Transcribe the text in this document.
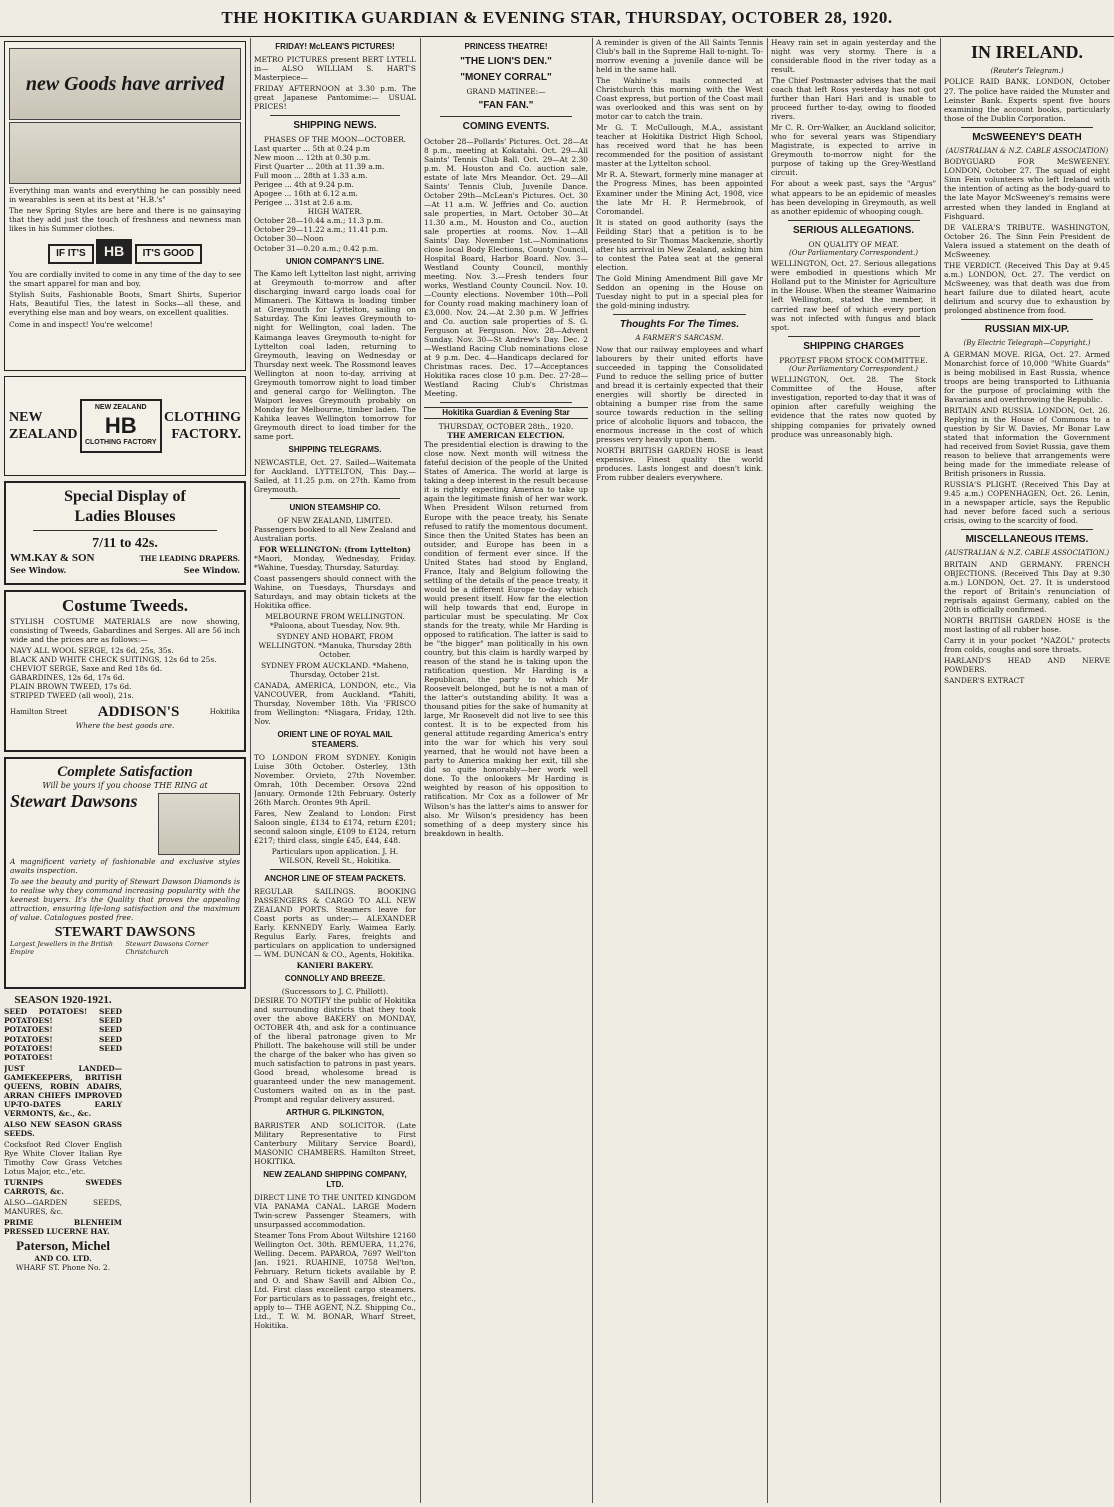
THE HOKITIKA GUARDIAN & EVENING STAR, THURSDAY, OCTOBER 28, 1920.
new Goods have arrived

Everything man wants and everything he can possibly need in wearables is seen at its best at "H.B.'s"

The new Spring Styles are here and there is no gainsaying that they add just the touch of freshness and newness man likes in his Summer clothes.

IF IT'S HB IT'S GOOD

You are cordially invited to come in any time of the day to see the smart apparel for man and boy.

Stylish Suits, Fashionable Boots, Smart Shirts, Superior Hats, Beautiful Ties, the latest in Socks—all these, and everything else man and boy wears, on excellent qualities.

Come in and inspect! You're welcome!

NEW
ZEALAND
NEW ZEALAND
HB
CLOTHING FACTORY
CLOTHING
FACTORY.
Special Display of
Ladies Blouses
7/11 to 42s.
WM.KAY & SON	THE LEADING DRAPERS.
See Window.	See Window.
Costume Tweeds.

STYLISH COSTUME MATERIALS are now showing, consisting of Tweeds, Gabardines and Serges. All are 56 inch wide and the prices are as follows:—

NAVY ALL WOOL SERGE, 12s 6d, 25s, 35s.
BLACK AND WHITE CHECK SUITINGS, 12s 6d to 25s.
CHEVIOT SERGE, Saxe and Red 18s 6d.
GABARDINES, 12s 6d, 17s 6d.
PLAIN BROWN TWEED, 17s 6d.
STRIPED TWEED (all wool), 21s.
Hamilton Street ADDISON'S	Hokitika
Where the best goods are.
Complete Satisfaction
Will be yours if you choose THE RING at
Stewart Dawsons

A magnificent variety of fashionable and exclusive styles awaits inspection.

To see the beauty and purity of Stewart Dawson Diamonds is to realise why they command increasing popularity with the keenest buyers. It's the Quality that proves the appealing attraction, ensuring life-long satisfaction and the maximum of value. Catalogues posted free.

STEWART DAWSONS
Largest Jewellers in the British Empire
Stewart Dawsons Corner Christchurch
SEASON 1920-1921.

SEED POTATOES! SEED POTATOES! SEED POTATOES! SEED POTATOES! SEED POTATOES! SEED POTATOES!

JUST LANDED— GAMEKEEPERS, BRITISH QUEENS, ROBIN ADAIRS, ARRAN CHIEFS IMPROVED UP-TO-DATES EARLY VERMONTS, &c., &c.

ALSO NEW SEASON GRASS SEEDS.

Cocksfoot Red Clover English Rye White Clover Italian Rye Timothy Cow Grass Vetches Lotus Major, etc.,'etc.

TURNIPS SWEDES CARROTS, &c.

ALSO—GARDEN SEEDS, MANURES, &c.

PRIME BLENHEIM PRESSED LUCERNE HAY.

Paterson, Michel
AND CO. LTD.
WHARF ST. Phone No. 2.
FRIDAY! McLEAN'S PICTURES!

METRO PICTURES present BERT LYTELL in— ALSO WILLIAM S. HART'S Masterpiece—

FRIDAY AFTERNOON at 3.30 p.m. The great Japanese Pantomime:— USUAL PRICES!

SHIPPING NEWS.
PHASES OF THE MOON—OCTOBER.
Last quarter ... 5th at 0.24 p.m
New moon ... 12th at 0.30 p.m.
First Quarter ... 20th at 11.39 a.m.
Full moon ... 28th at 1.33 a.m.
Perigee ... 4th at 9.24 p.m.
Apogee ... 16th at 6.12 a.m.
Perigee ... 31st at 2.6 a.m.
HIGH WATER.
October 28—10.44 a.m.; 11.3 p.m.
October 29—11.22 a.m.; 11.41 p.m.
October 30—Noon
October 31—0.20 a.m.; 0.42 p.m.
UNION COMPANY'S LINE.

The Kamo left Lyttelton last night, arriving at Greymouth to-morrow and after discharging inward cargo loads coal for Mimaneri. The Kittawa is loading timber at Greymouth for Lyttelton, sailing on Saturday. The Kini leaves Greymouth to-night for Wellington, coal laden. The Kaimanga leaves Greymouth to-night for Lyttelton coal laden, returning to Greymouth, leaving on Wednesday or Thursday next week. The Rossmond leaves Wellington at noon to-day, arriving at Greymouth tomorrow night to load timber and general cargo for Wellington. The Waipori leaves Greymouth probably on Monday for Melbourne, timber laden. The Kahika leaves Wellington tomorrow for Greymouth direct to load timber for the same port.

SHIPPING TELEGRAMS.

NEWCASTLE, Oct. 27. Sailed—Waitemata for Auckland. LYTTELTON, This Day.—Sailed, at 11.25 p.m. on 27th. Kamo from Greymouth.

UNION STEAMSHIP CO.
OF NEW ZEALAND, LIMITED.

Passengers booked to all New Zealand and Australian ports.

FOR WELLINGTON: (from Lyttelton)

*Maori, Monday, Wednesday, Friday. *Wahine, Tuesday, Thursday, Saturday.

Coast passengers should connect with the Wahine, on Tuesdays, Thursdays and Saturdays, and may obtain tickets at the Hokitika office.

MELBOURNE FROM WELLINGTON. *Paloona, about Tuesday, Nov. 9th.

SYDNEY AND HOBART, FROM WELLINGTON. *Manuka, Thursday 28th October.

SYDNEY FROM AUCKLAND. *Maheno, Thursday, October 21st.

CANADA, AMERICA, LONDON, etc., Via VANCOUVER, from Auckland. *Tahiti, Thursday, November 18th. Via 'FRISCO from Wellington: *Niagara, Friday, 12th. Nov.

ORIENT LINE OF ROYAL MAIL STEAMERS.

TO LONDON FROM SYDNEY. Konigin Luise 30th October. Osterley, 13th November. Orvieto, 27th November. Omrah, 10th December. Orsova 22nd January. Ormonde 12th February. Osterly 26th March. Orontes 9th April.

Fares, New Zealand to London: First Saloon single, £134 to £174, return £201; second saloon single, £109 to £124, return £217; third class, single £45, £44, £48.

Particulars upon application. J. H. WILSON, Revell St., Hokitika.

ANCHOR LINE OF STEAM PACKETS.

REGULAR SAILINGS. BOOKING PASSENGERS & CARGO TO ALL NEW ZEALAND PORTS. Steamers leave for Coast ports as under:— ALEXANDER Early. KENNEDY Early. Waimea Early. Regulus Early. Fares, freights and particulars on application to undersigned— WM. DUNCAN & CO., Agents, Hokitika.

KANIERI BAKERY.
CONNOLLY AND BREEZE.
(Successors to J. C. Phillott).

DESIRE TO NOTIFY the public of Hokitika and surrounding districts that they took over the above BAKERY on MONDAY, OCTOBER 4th, and ask for a continuance of the liberal patronage given to Mr Phillott. The bakehouse will still be under the charge of the baker who has given so much satisfaction to patrons in past years. Good bread, wholesome bread is guaranteed under the new management. Customers waited on as in the past. Prompt and regular delivery assured.

ARTHUR G. PILKINGTON,

BARRISTER AND SOLICITOR. (Late Military Representative to First Canterbury Military Service Board), MASONIC CHAMBERS. Hamilton Street, HOKITIKA.

NEW ZEALAND SHIPPING COMPANY, LTD.

DIRECT LINE TO THE UNITED KINGDOM VIA PANAMA CANAL. LARGE Modern Twin-screw Passenger Steamers, with unsurpassed accommodation.

Steamer Tons From About Wiltshire 12160 Wellington Oct. 30th. REMUERA, 11,276, Welling. Decem. PAPAROA, 7697 Well'ton Jan. 1921. RUAHINE, 10758 Wel'ton, February. Return tickets available by P. and O. and Shaw Savill and Albion Co., Ltd. First class excellent cargo steamers. For particulars as to passages, freight etc., apply to— THE AGENT, N.Z. Shipping Co., Ltd., T. W. M. BONAR, Wharf Street, Hokitika.

PRINCESS THEATRE!
"THE LION'S DEN."
"MONEY CORRAL"
GRAND MATINEE:—
"FAN FAN."
COMING EVENTS.

October 28—Pollards' Pictures. Oct. 28—At 8 p.m., meeting at Kokatahi. Oct. 29—All Saints' Tennis Club Ball. Oct. 29—At 2.30 p.m. M. Houston and Co. auction sale, estate of late Mrs Meandor. Oct. 29—All Saints' Tennis Club, Juvenile Dance. October 29th—McLean's Pictures. Oct. 30—At 11 a.m. W. Jeffries and Co. auction sale properties, in Mart. October 30—At 11.30 a.m., M. Houston and Co., auction sale properties at rooms. Nov. 1—All Saints' Day. November 1st.—Nominations close local Body Elections, County Council, Hospital Board, Harbor Board. Nov. 3—Westland County Council, monthly meeting. Nov. 3.—Fresh tenders four works, Westland County Council. Nov. 10.—County elections. November 10th—Poll for County road making machinery loan of £3,000. Nov. 24.—At 2.30 p.m. W Jeffries and Co. auction sale properties of S. G. Ferguson at Ferguson. Nov. 28—Advent Sunday. Nov. 30—St Andrew's Day. Dec. 2—Westland Racing Club nominations close at 9 p.m. Dec. 4—Handicaps declared for Christmas races. Dec. 17—Acceptances Hokitika races close 10 p.m. Dec. 27-28—Westland Racing Club's Christmas Meeting.

Hokitika Guardian & Evening Star
THURSDAY, OCTOBER 28th., 1920.
THE AMERICAN ELECTION.

The presidential election is drawing to the close now. Next month will witness the fateful decision of the people of the United States of America. The world at large is taking a deep interest in the result because it is rightly expecting America to take up again the legitimate finish of her war work. When President Wilson returned from Europe with the peace treaty, his Senate refused to ratify the momentous document. Since then the United States has been an outsider, and Europe has been in a condition of ferment ever since. If the United States had stood by England, France, Italy and Belgium following the settling of the details of the peace treaty, it would be a different Europe to-day which would present itself. How far the election will help towards that end, Europe in particular must be speculating. Mr Cox stands for the treaty, while Mr Harding is opposed to ratification. The latter is said to be "the bigger" man politically in his own country, but this claim is hardly warped by reason of the stand he is taking upon the ratification question. Mr Harding is a Republican, the party to which Mr Roosevelt belonged, but he is not a man of the latter's outstanding ability. It was a thousand pities for the sake of humanity at large, Mr Roosevelt did not live to see this contest. It is to be expected from his general attitude regarding America's entry into the war for which his very soul yearned, that he would not have been a party to America making her exit, till she did so quite honorably—her work well done. To the onlookers Mr Harding is weighted by reason of his opposition to ratification. Mr Cox as a follower of Mr Wilson's has the latter's aims to answer for also. Mr Wilson's presidency has been something of a deep mystery since his breakdown in health.

A reminder is given of the All Saints Tennis Club's ball in the Supreme Hall to-night. To-morrow evening a juvenile dance will be held in the same hall.

The Wahine's mails connected at Christchurch this morning with the West Coast express, but portion of the Coast mail was overlooked and this was sent on by motor car to catch the train.

Mr G. T. McCullough, M.A., assistant teacher at Hokitika District High School, has received word that he has been recommended for the position of assistant master at the Lyttelton school.

Mr R. A. Stewart, formerly mine manager at the Progress Mines, has been appointed Examiner under the Mining Act, 1908, vice the late Mr H. P. Hermebrook, of Coromandel.

It is stated on good authority (says the Feilding Star) that a petition is to be presented to Sir Thomas Mackenzie, shortly after his arrival in New Zealand, asking him to contest the Patea seat at the general election.

The Gold Mining Amendment Bill gave Mr Seddon an opening in the House on Tuesday night to put in a special plea for the gold-mining industry.

Thoughts For The Times.
A FARMER'S SARCASM.

Now that our railway employees and wharf labourers by their united efforts have succeeded in tapping the Consolidated Fund to reduce the selling price of butter and bread it is certainly expected that their energies will shortly be directed in obtaining a bumper rise from the same source towards reduction in the selling price of alcoholic liquors and tobacco, the enormous increase in the cost of which presses very heavily upon them.

NORTH BRITISH GARDEN HOSE is least expensive. Finest quality the world produces. Lasts longest and doesn't kink. From rubber dealers everywhere.

Heavy rain set in again yesterday and the night was very stormy. There is a considerable flood in the river today as a result.

The Chief Postmaster advises that the mail coach that left Ross yesterday has not got further than Hari Hari and is unable to proceed further to-day, owing to flooded rivers.

Mr C. R. Orr-Walker, an Auckland solicitor, who for several years was Stipendiary Magistrate, is expected to arrive in Greymouth to-morrow night for the purpose of taking up the Grey-Westland circuit.

For about a week past, says the "Argus" what appears to be an epidemic of measles has been developing in Greymouth, as well as another epidemic of whooping cough.

SERIOUS ALLEGATIONS.
ON QUALITY OF MEAT.
(Our Parliamentary Correspondent.)

WELLINGTON, Oct. 27. Serious allegations were embodied in questions which Mr Holland put to the Minister for Agriculture in the House. When the steamer Waimarino left Wellington, stated the member, it carried raw beef of which every portion was not infected with fungus and black spot.

SHIPPING CHARGES
PROTEST FROM STOCK COMMITTEE.
(Our Parliamentary Correspondent.)

WELLINGTON, Oct. 28. The Stock Committee of the House, after investigation, reported to-day that it was of opinion after carefully weighing the evidence that the rates now quoted by shipping companies for privately owned produce was unreasonably high.

IN IRELAND.
(Reuter's Telegram.)

POLICE RAID BANK. LONDON, October 27. The police have raided the Munster and Leinster Bank. Experts spent five hours examining the account books, particularly those of the Dublin Corporation.

McSWEENEY'S DEATH
(AUSTRALIAN & N.Z. CABLE ASSOCIATION)

BODYGUARD FOR McSWEENEY. LONDON, October 27. The squad of eight Sinn Fein volunteers who left Ireland with the intention of acting as the body-guard to the late Mayor McSweeney's remains were arrested when they landed in England at Fishguard.

DE VALERA'S TRIBUTE. WASHINGTON, October 26. The Sinn Fein President de Valera issued a statement on the death of McSweeney.

THE VERDICT. (Received This Day at 9.45 a.m.) LONDON, Oct. 27. The verdict on McSweeney, was that death was due from heart failure due to dilated heart, acute delirium and scurvy due to exhaustion by prolonged abstinence from food.

RUSSIAN MIX-UP.
(By Electric Telegraph—Copyright.)

A GERMAN MOVE. RIGA, Oct. 27. Armed Monarchist force of 10,000 "White Guards" is being mobilised in East Russia, whence troops are being transported to Lithuania for the purpose of proclaiming with the Bavarians and overthrowing the Republic.

BRITAIN AND RUSSIA. LONDON, Oct. 26. Replying in the House of Commons to a question by Sir W. Davies, Mr Bonar Law stated that information the Government had received from Soviet Russia, gave them reason to believe that arrangements were being made for the immediate release of British prisoners in Russia.

RUSSIA'S PLIGHT. (Received This Day at 9.45 a.m.) COPENHAGEN, Oct. 26. Lenin, in a newspaper article, says the Republic had never before faced such a serious crisis, owing to the scarcity of food.

MISCELLANEOUS ITEMS.
(AUSTRALIAN & N.Z. CABLE ASSOCIATION.)

BRITAIN AND GERMANY. FRENCH OBJECTIONS. (Received This Day at 9.30 a.m.) LONDON, Oct. 27. It is understood the report of Britain's renunciation of reprisals against Germany, cabled on the 20th is officially confirmed.

NORTH BRITISH GARDEN HOSE is the most lasting of all rubber hose.

Carry it in your pocket "NAZOL" protects from colds, coughs and sore throats.

HARLAND'S HEAD AND NERVE POWDERS.

SANDER'S EXTRACT
